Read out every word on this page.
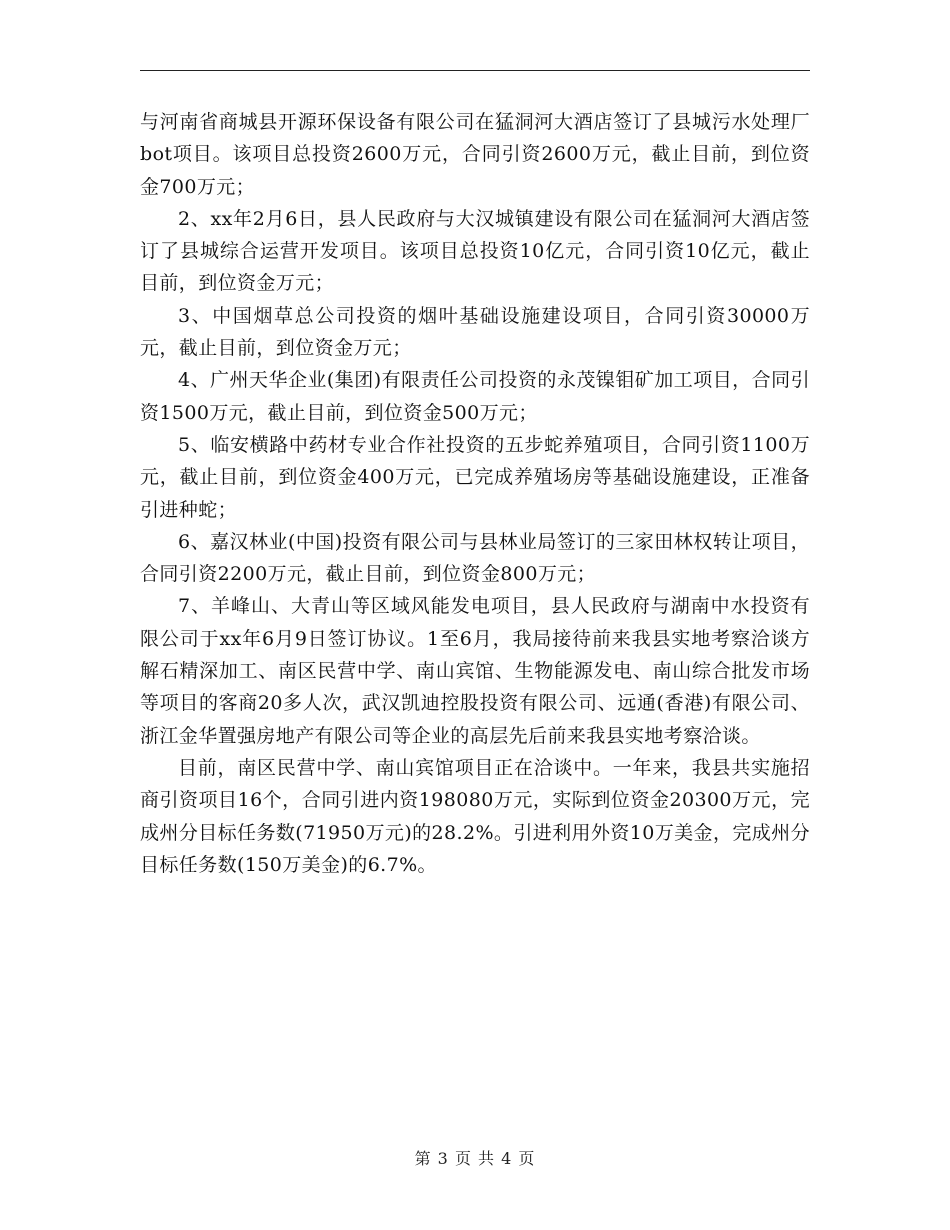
与河南省商城县开源环保设备有限公司在猛洞河大酒店签订了县城污水处理厂bot项目。该项目总投资2600万元，合同引资2600万元，截止目前，到位资金700万元；

2、xx年2月6日，县人民政府与大汉城镇建设有限公司在猛洞河大酒店签订了县城综合运营开发项目。该项目总投资10亿元，合同引资10亿元，截止目前，到位资金万元；

3、中国烟草总公司投资的烟叶基础设施建设项目，合同引资30000万元，截止目前，到位资金万元；

4、广州天华企业(集团)有限责任公司投资的永茂镍钼矿加工项目，合同引资1500万元，截止目前，到位资金500万元；

5、临安横路中药材专业合作社投资的五步蛇养殖项目，合同引资1100万元，截止目前，到位资金400万元，已完成养殖场房等基础设施建设，正准备引进种蛇；

6、嘉汉林业(中国)投资有限公司与县林业局签订的三家田林权转让项目，合同引资2200万元，截止目前，到位资金800万元；

7、羊峰山、大青山等区域风能发电项目，县人民政府与湖南中水投资有限公司于xx年6月9日签订协议。1至6月，我局接待前来我县实地考察洽谈方解石精深加工、南区民营中学、南山宾馆、生物能源发电、南山综合批发市场等项目的客商20多人次，武汉凯迪控股投资有限公司、远通(香港)有限公司、浙江金华置强房地产有限公司等企业的高层先后前来我县实地考察洽谈。

目前，南区民营中学、南山宾馆项目正在洽谈中。一年来，我县共实施招商引资项目16个，合同引进内资198080万元，实际到位资金20300万元，完成州分目标任务数(71950万元)的28.2%。引进利用外资10万美金，完成州分目标任务数(150万美金)的6.7%。

第 3 页 共 4 页
